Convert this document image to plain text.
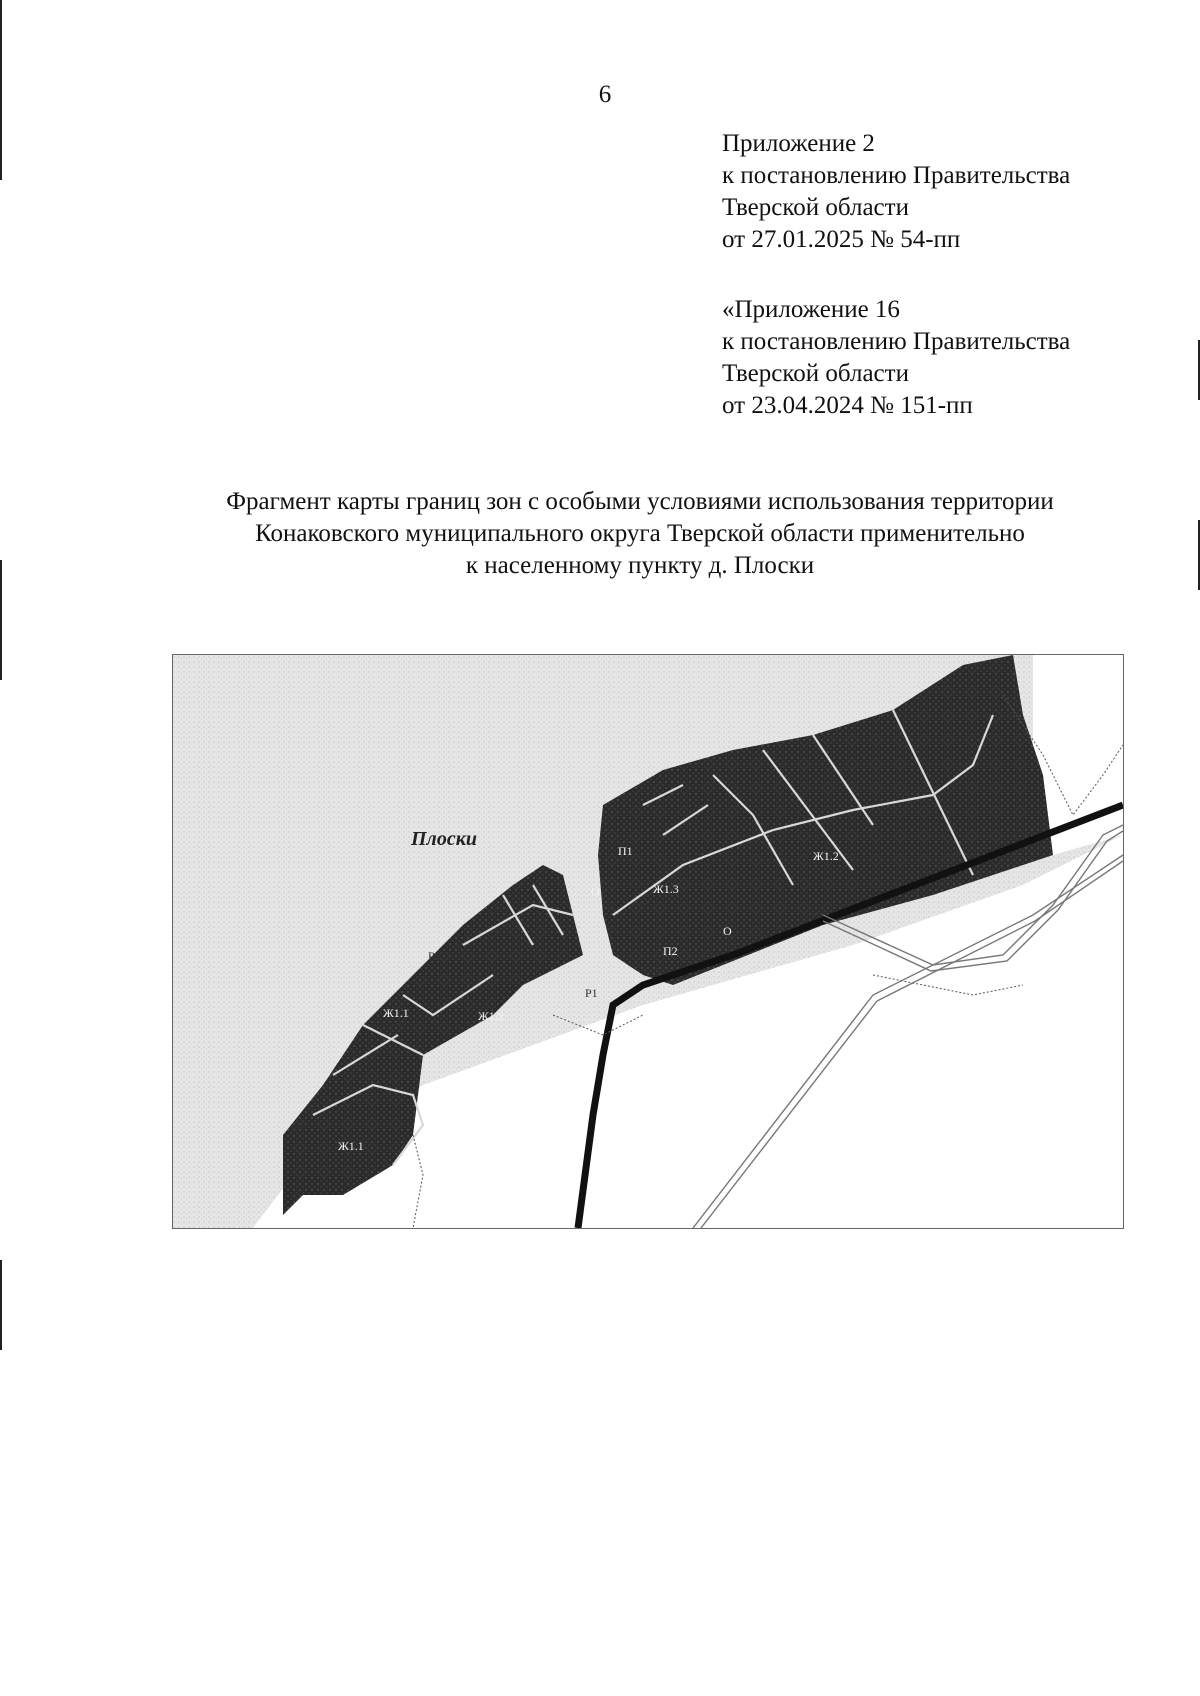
6
Приложение 2
к постановлению Правительства
Тверской области
от 27.01.2025 № 54-пп
«Приложение 16
к постановлению Правительства
Тверской области
от 23.04.2024 № 151-пп
Фрагмент карты границ зон с особыми условиями использования территории
Конаковского муниципального округа Тверской области применительно
к населенному пункту д. Плоски
Плоски
Ж1.1
Ж1.1
Ж1.2
Ж1.2
Ж1.3
П1
П2
О
О
Р1
Р1
Р1
